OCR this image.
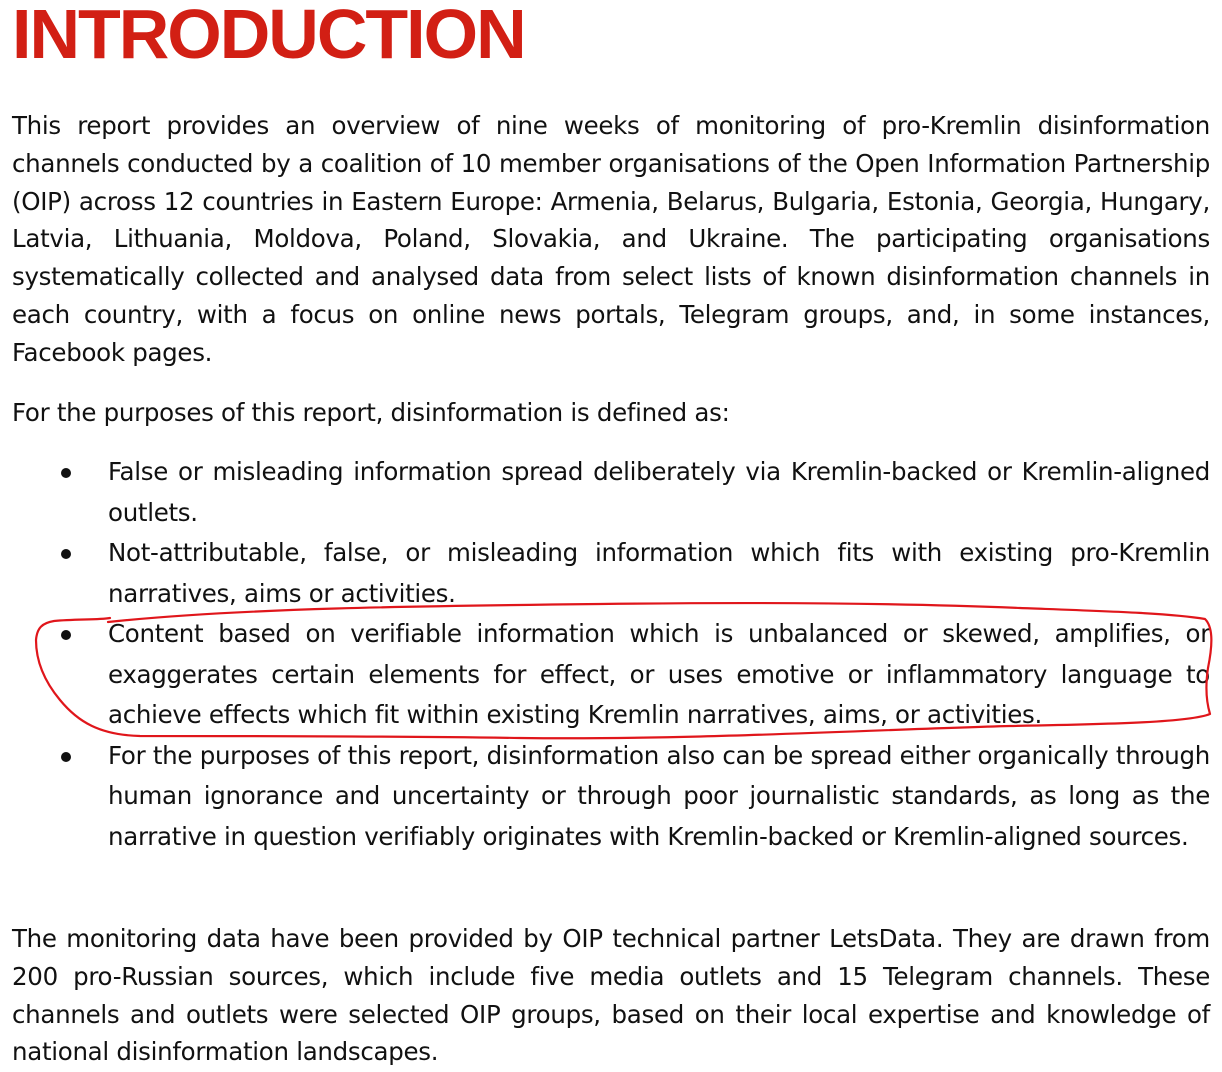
INTRODUCTION

This report provides an overview of nine weeks of monitoring of pro-Kremlin disinformation channels conducted by a coalition of 10 member organisations of the Open Information Partnership (OIP) across 12 countries in Eastern Europe: Armenia, Belarus, Bulgaria, Estonia, Georgia, Hungary, Latvia, Lithuania, Moldova, Poland, Slovakia, and Ukraine. The participating organisations systematically collected and analysed data from select lists of known disinformation channels in each country, with a focus on online news portals, Telegram groups, and, in some instances, Facebook pages.

For the purposes of this report, disinformation is defined as:

False or misleading information spread deliberately via Kremlin-backed or Kremlin-aligned outlets.
Not-attributable, false, or misleading information which fits with existing pro-Kremlin narratives, aims or activities.
Content based on verifiable information which is unbalanced or skewed, amplifies, or exaggerates certain elements for effect, or uses emotive or inflammatory language to achieve effects which fit within existing Kremlin narratives, aims, or activities.
For the purposes of this report, disinformation also can be spread either organically through human ignorance and uncertainty or through poor journalistic standards, as long as the narrative in question verifiably originates with Kremlin-backed or Kremlin-aligned sources.

The monitoring data have been provided by OIP technical partner LetsData. They are drawn from 200 pro-Russian sources, which include five media outlets and 15 Telegram channels. These channels and outlets were selected OIP groups, based on their local expertise and knowledge of national disinformation landscapes.
